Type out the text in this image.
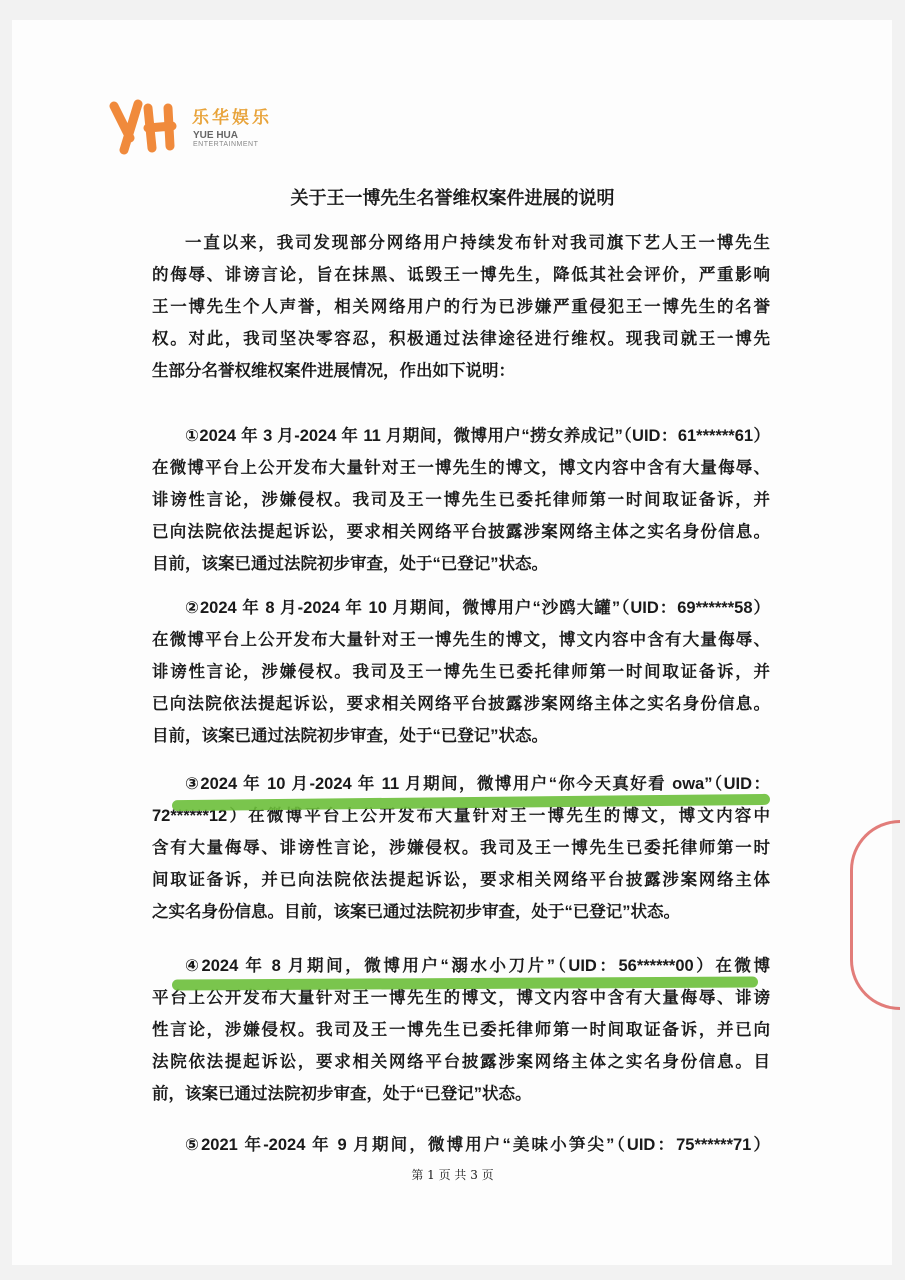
乐华娱乐
YUE HUA
ENTERTAINMENT
关于王一博先生名誉维权案件进展的说明
一直以来，我司发现部分网络用户持续发布针对我司旗下艺人王一博先生
的侮辱、诽谤言论，旨在抹黑、诋毁王一博先生，降低其社会评价，严重影响
王一博先生个人声誉，相关网络用户的行为已涉嫌严重侵犯王一博先生的名誉
权。对此，我司坚决零容忍，积极通过法律途径进行维权。现我司就王一博先
生部分名誉权维权案件进展情况，作出如下说明：
①2024 年 3 月-2024 年 11 月期间，微博用户“捞女养成记”（UID：61******61）
在微博平台上公开发布大量针对王一博先生的博文，博文内容中含有大量侮辱、
诽谤性言论，涉嫌侵权。我司及王一博先生已委托律师第一时间取证备诉，并
已向法院依法提起诉讼，要求相关网络平台披露涉案网络主体之实名身份信息。
目前，该案已通过法院初步审查，处于“已登记”状态。
②2024 年 8 月-2024 年 10 月期间，微博用户“沙鸥大罐”（UID：69******58）
在微博平台上公开发布大量针对王一博先生的博文，博文内容中含有大量侮辱、
诽谤性言论，涉嫌侵权。我司及王一博先生已委托律师第一时间取证备诉，并
已向法院依法提起诉讼，要求相关网络平台披露涉案网络主体之实名身份信息。
目前，该案已通过法院初步审查，处于“已登记”状态。
③2024 年 10 月-2024 年 11 月期间，微博用户“你今天真好看 owa”（UID：
72******12）在微博平台上公开发布大量针对王一博先生的博文，博文内容中
含有大量侮辱、诽谤性言论，涉嫌侵权。我司及王一博先生已委托律师第一时
间取证备诉，并已向法院依法提起诉讼，要求相关网络平台披露涉案网络主体
之实名身份信息。目前，该案已通过法院初步审查，处于“已登记”状态。
④2024 年 8 月期间，微博用户“溺水小刀片”（UID：56******00）在微博
平台上公开发布大量针对王一博先生的博文，博文内容中含有大量侮辱、诽谤
性言论，涉嫌侵权。我司及王一博先生已委托律师第一时间取证备诉，并已向
法院依法提起诉讼，要求相关网络平台披露涉案网络主体之实名身份信息。目
前，该案已通过法院初步审查，处于“已登记”状态。
⑤2021 年-2024 年 9 月期间，微博用户“美味小笋尖”（UID：75******71）
第 1 页 共 3 页
